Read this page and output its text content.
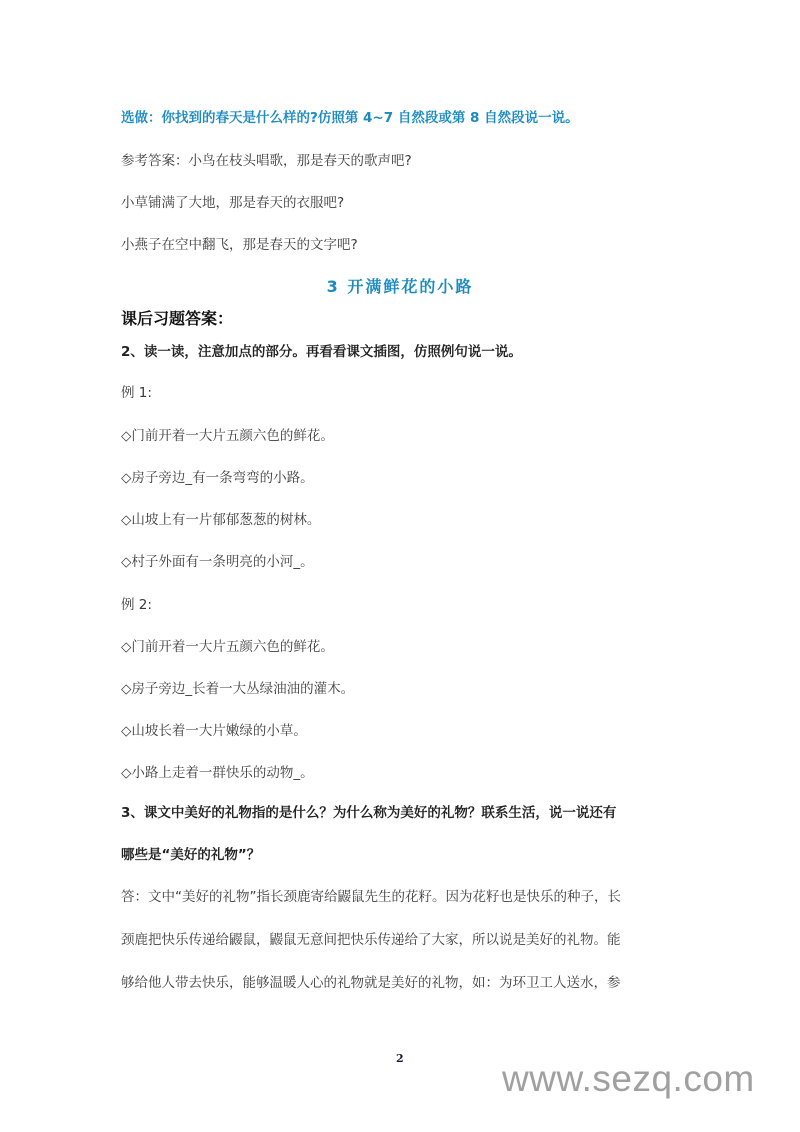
选做：你找到的春天是什么样的?仿照第 4~7 自然段或第 8 自然段说一说。
参考答案：小鸟在枝头唱歌，那是春天的歌声吧?
小草铺满了大地，那是春天的衣服吧?
小燕子在空中翻飞，那是春天的文字吧?
3 开满鲜花的小路
课后习题答案：
2、读一读，注意加点的部分。再看看课文插图，仿照例句说一说。
例 1:
◇门前开着一大片五颜六色的鲜花。
◇房子旁边_有一条弯弯的小路。
◇山坡上有一片郁郁葱葱的树林。
◇村子外面有一条明亮的小河_。
例 2:
◇门前开着一大片五颜六色的鲜花。
◇房子旁边_长着一大丛绿油油的灌木。
◇山坡长着一大片嫩绿的小草。
◇小路上走着一群快乐的动物_。
3、课文中美好的礼物指的是什么？为什么称为美好的礼物？联系生活，说一说还有
哪些是“美好的礼物”？
答：文中“美好的礼物”指长颈鹿寄给鼹鼠先生的花籽。因为花籽也是快乐的种子，长
颈鹿把快乐传递给鼹鼠，鼹鼠无意间把快乐传递给了大家，所以说是美好的礼物。能
够给他人带去快乐，能够温暖人心的礼物就是美好的礼物，如：为环卫工人送水，参
2	www.sezq.com
